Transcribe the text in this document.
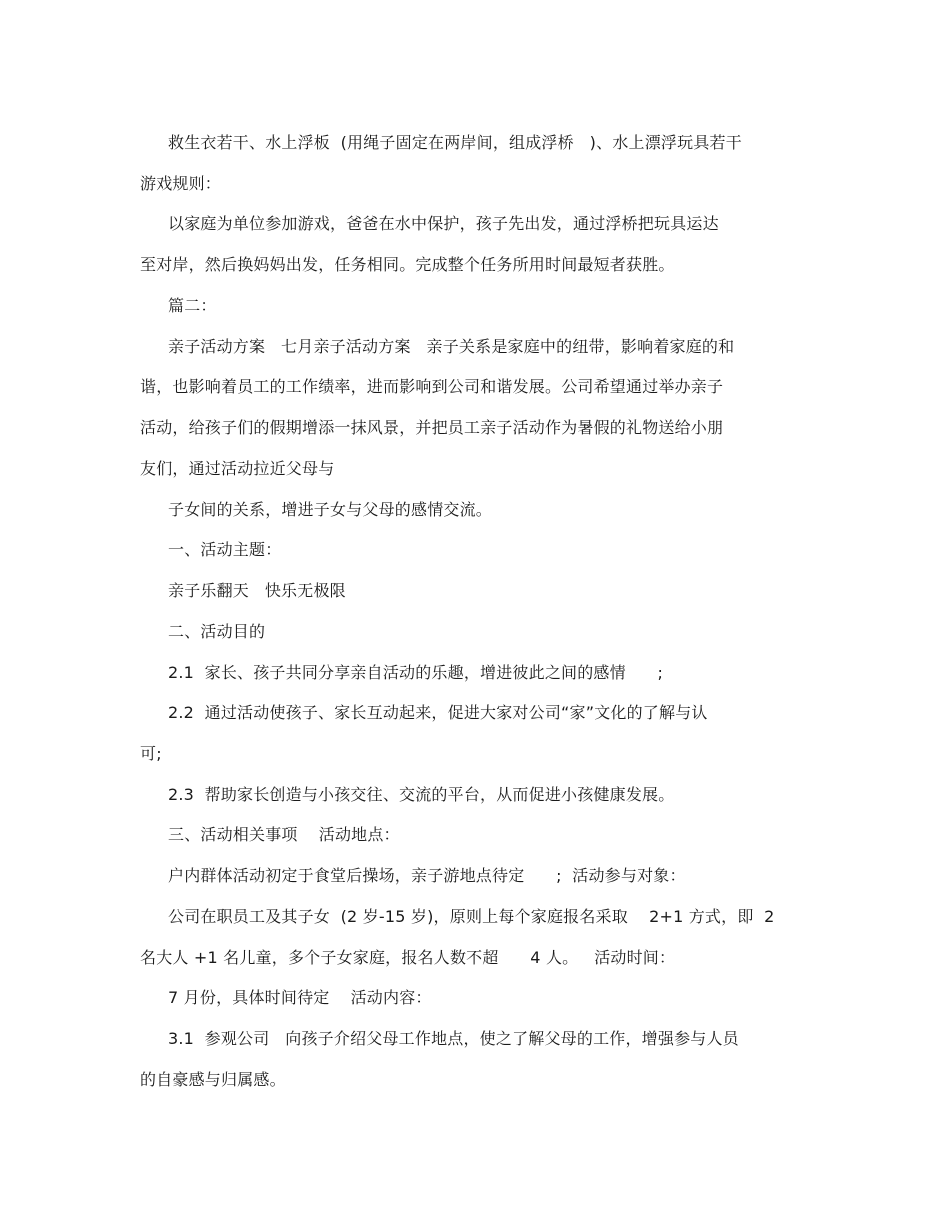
救生衣若干、水上浮板  (用绳子固定在两岸间，组成浮桥   )、水上漂浮玩具若干
游戏规则：
以家庭为单位参加游戏，爸爸在水中保护，孩子先出发，通过浮桥把玩具运达
至对岸，然后换妈妈出发，任务相同。完成整个任务所用时间最短者获胜。
篇二：
亲子活动方案   七月亲子活动方案   亲子关系是家庭中的纽带，影响着家庭的和
谐，也影响着员工的工作绩率，进而影响到公司和谐发展。公司希望通过举办亲子
活动，给孩子们的假期增添一抹风景，并把员工亲子活动作为暑假的礼物送给小朋
友们，通过活动拉近父母与
子女间的关系，增进子女与父母的感情交流。
一、活动主题：
亲子乐翻天   快乐无极限
二、活动目的
2.1  家长、孩子共同分享亲自活动的乐趣，增进彼此之间的感情      ;
2.2  通过活动使孩子、家长互动起来，促进大家对公司“家”文化的了解与认
可;
2.3  帮助家长创造与小孩交往、交流的平台，从而促进小孩健康发展。
三、活动相关事项    活动地点：
户内群体活动初定于食堂后操场，亲子游地点待定      ;  活动参与对象：
公司在职员工及其子女  (2 岁-15 岁)，原则上每个家庭报名采取    2+1 方式，即  2
名大人 +1 名儿童，多个子女家庭，报名人数不超      4 人。   活动时间：
7 月份，具体时间待定    活动内容：
3.1  参观公司   向孩子介绍父母工作地点，使之了解父母的工作，增强参与人员
的自豪感与归属感。
